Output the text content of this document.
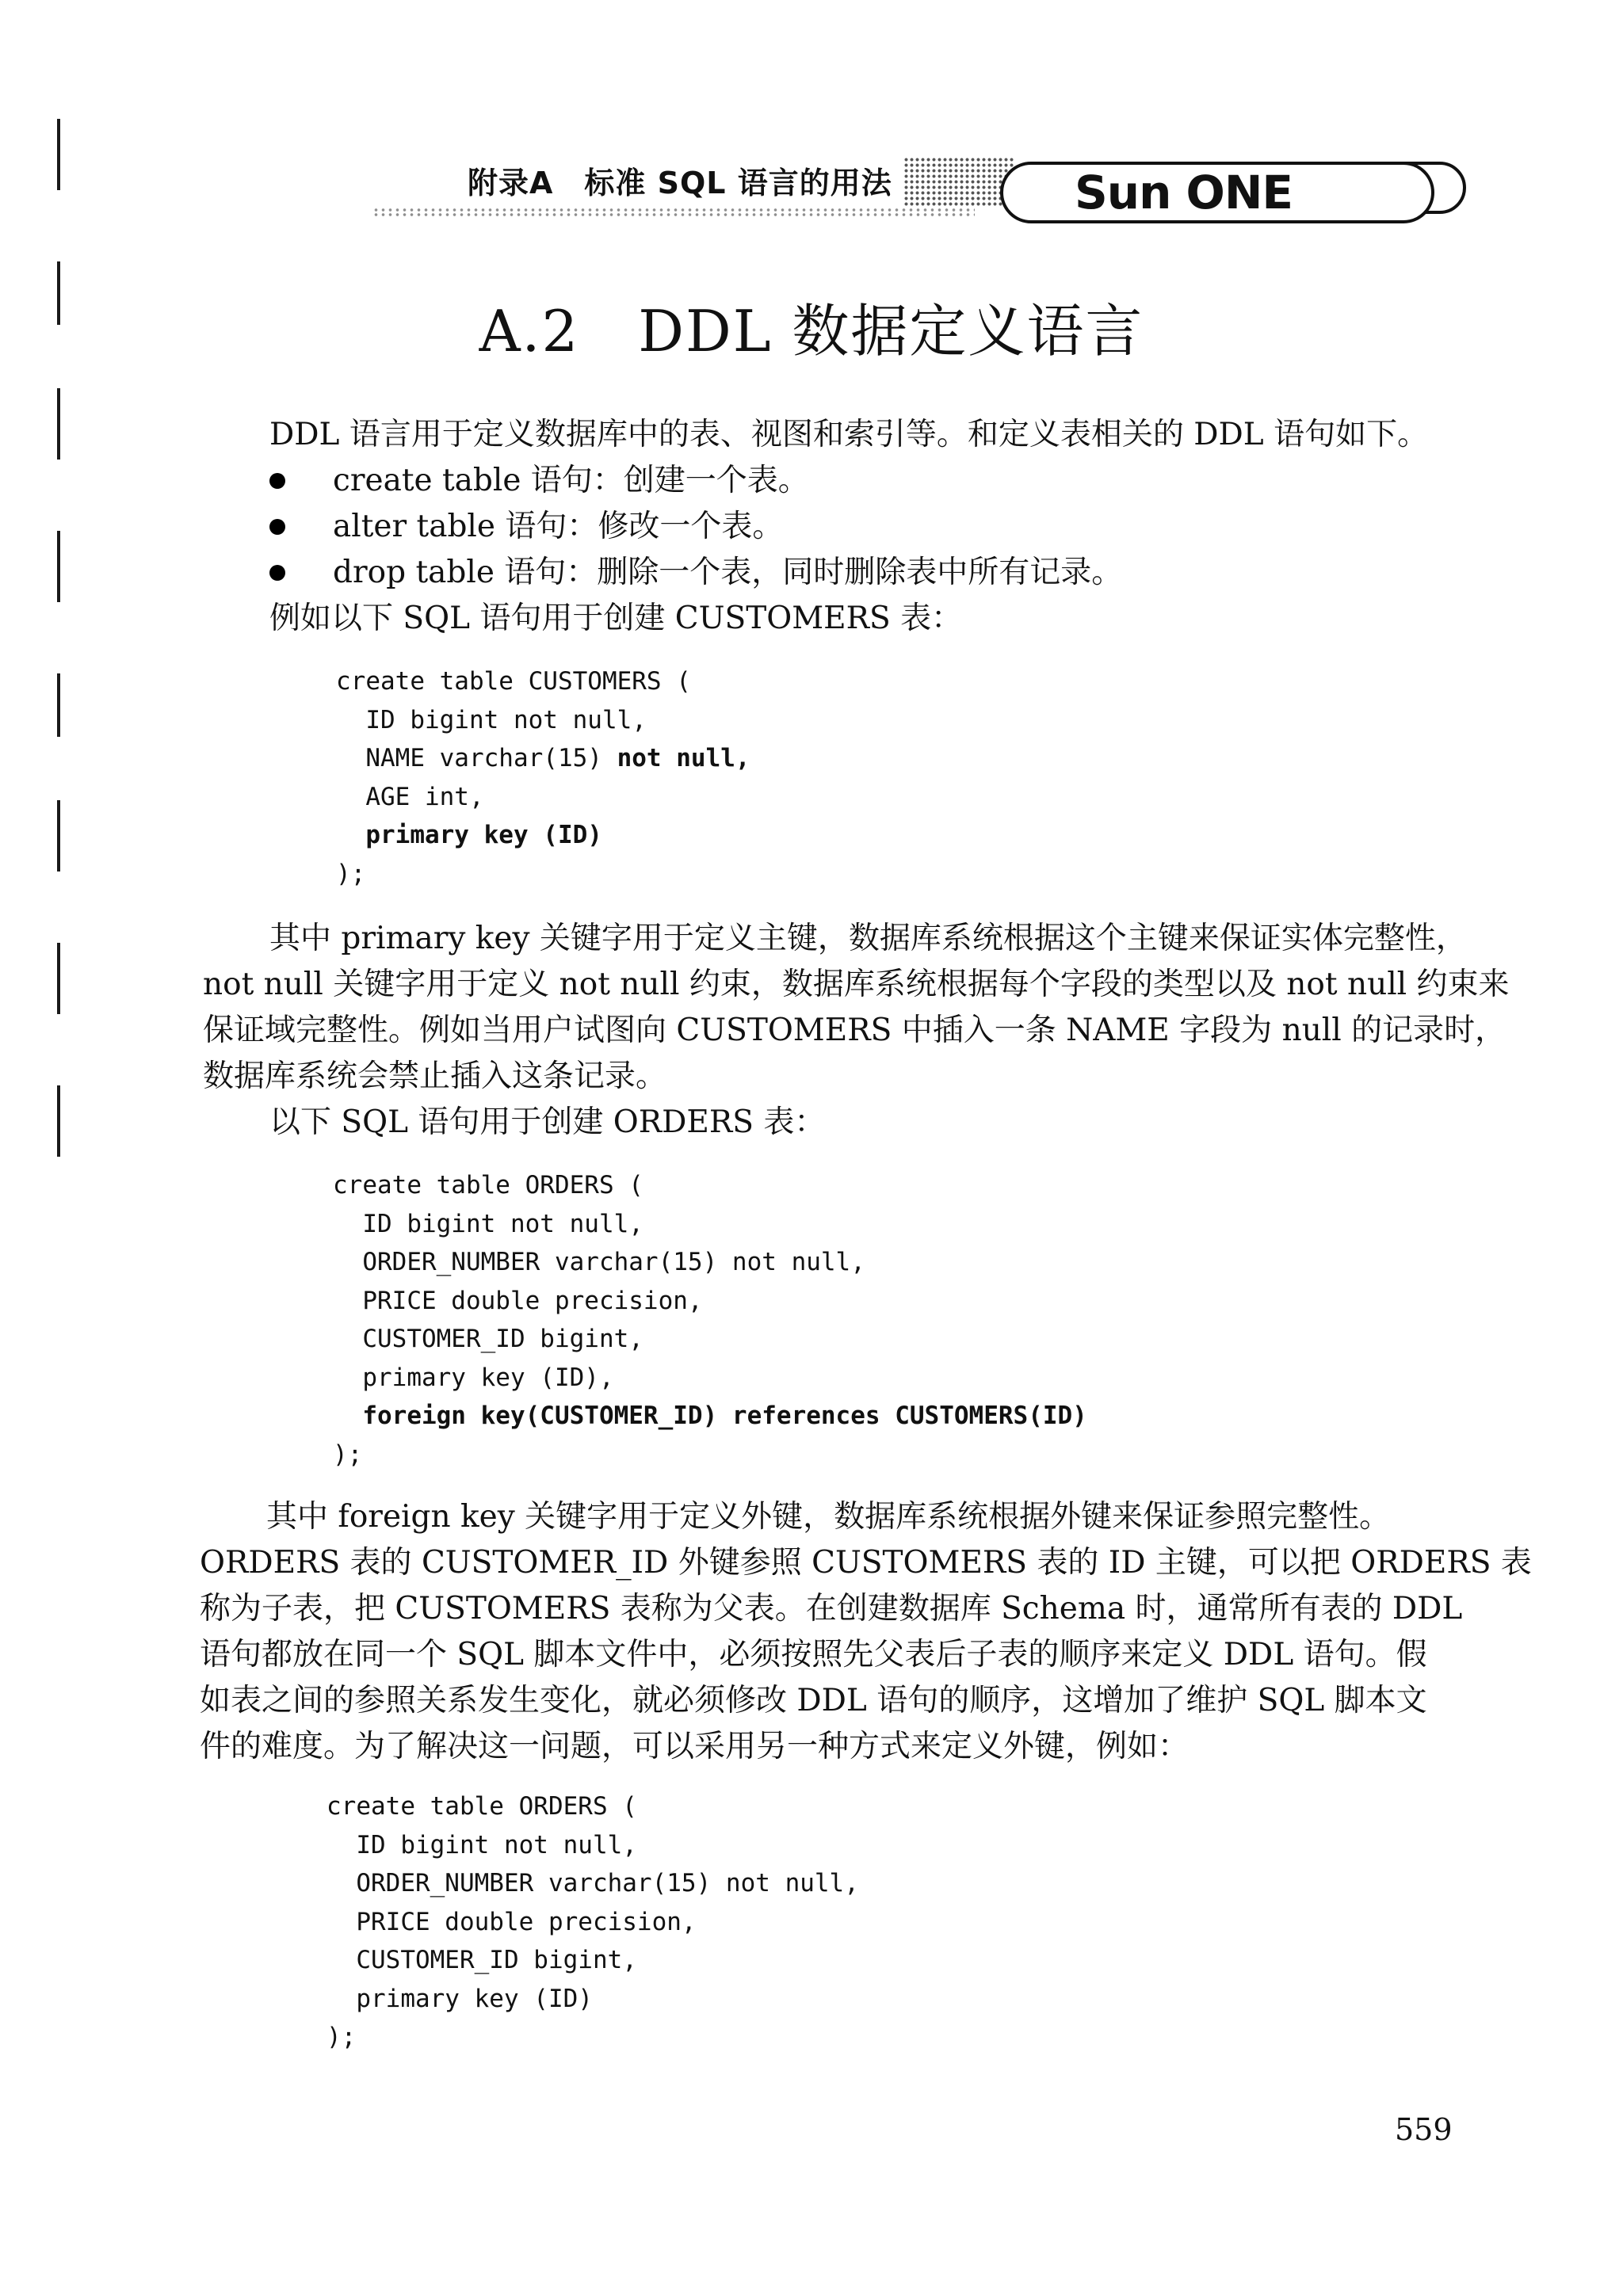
附录A　标准 SQL 语言的用法	Sun ONE
A.2　DDL 数据定义语言
DDL 语言用于定义数据库中的表、视图和索引等。和定义表相关的 DDL 语句如下。
create table 语句：创建一个表。
alter table 语句：修改一个表。
drop table 语句：删除一个表，同时删除表中所有记录。
例如以下 SQL 语句用于创建 CUSTOMERS 表：
create table CUSTOMERS (
ID bigint not null,
NAME varchar(15) not null,
AGE int,
primary key (ID)
);
其中 primary key 关键字用于定义主键，数据库系统根据这个主键来保证实体完整性，
not null 关键字用于定义 not null 约束，数据库系统根据每个字段的类型以及 not null 约束来
保证域完整性。例如当用户试图向 CUSTOMERS 中插入一条 NAME 字段为 null 的记录时，
数据库系统会禁止插入这条记录。
以下 SQL 语句用于创建 ORDERS 表：
create table ORDERS (
ID bigint not null,
ORDER_NUMBER varchar(15) not null,
PRICE double precision,
CUSTOMER_ID bigint,
primary key (ID),
foreign key(CUSTOMER_ID) references CUSTOMERS(ID)
);
其中 foreign key 关键字用于定义外键，数据库系统根据外键来保证参照完整性。
ORDERS 表的 CUSTOMER_ID 外键参照 CUSTOMERS 表的 ID 主键，可以把 ORDERS 表
称为子表，把 CUSTOMERS 表称为父表。在创建数据库 Schema 时，通常所有表的 DDL
语句都放在同一个 SQL 脚本文件中，必须按照先父表后子表的顺序来定义 DDL 语句。假
如表之间的参照关系发生变化，就必须修改 DDL 语句的顺序，这增加了维护 SQL 脚本文
件的难度。为了解决这一问题，可以采用另一种方式来定义外键，例如：
create table ORDERS (
ID bigint not null,
ORDER_NUMBER varchar(15) not null,
PRICE double precision,
CUSTOMER_ID bigint,
primary key (ID)
);
559
